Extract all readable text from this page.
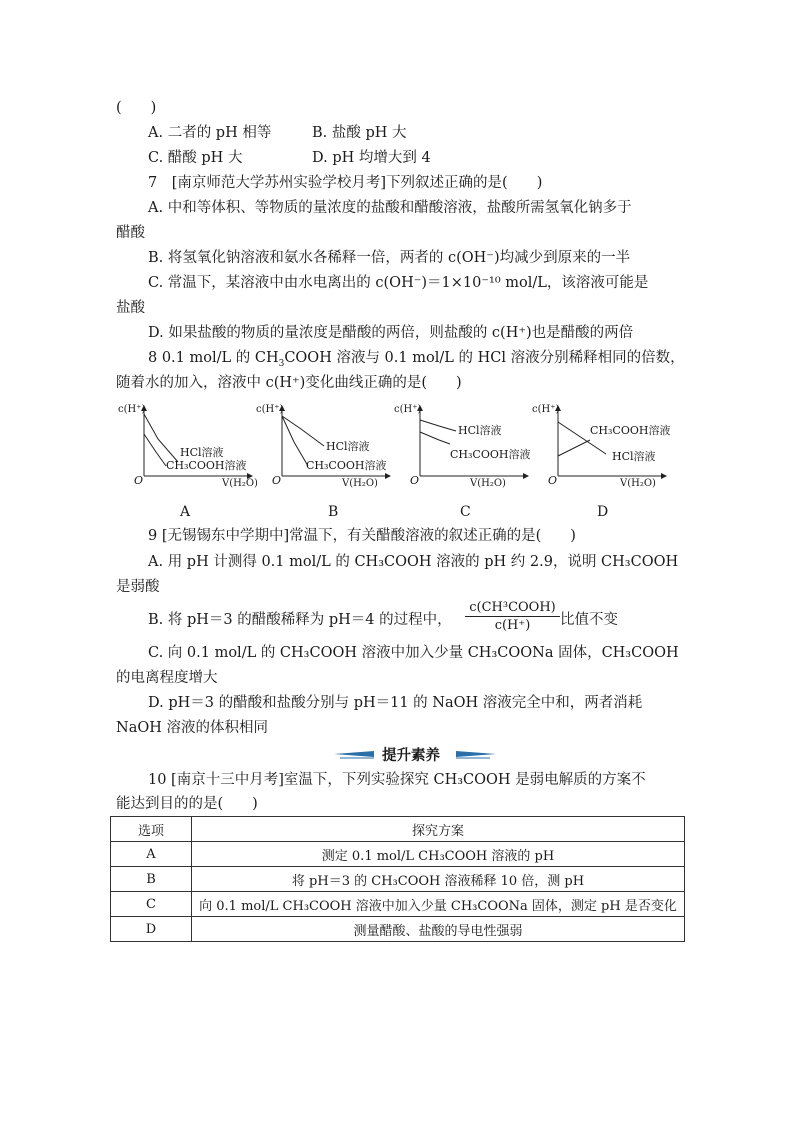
(　　)
A. 二者的 pH 相等	B. 盐酸 pH 大
C. 醋酸 pH 大	D. pH 均增大到 4
7　[南京师范大学苏州实验学校月考]下列叙述正确的是(　　)
A. 中和等体积、等物质的量浓度的盐酸和醋酸溶液，盐酸所需氢氧化钠多于
醋酸
B. 将氢氧化钠溶液和氨水各稀释一倍，两者的 c(OH⁻)均减少到原来的一半
C. 常温下，某溶液中由水电离出的 c(OH⁻)＝1×10⁻¹⁰ mol/L，该溶液可能是
盐酸
D. 如果盐酸的物质的量浓度是醋酸的两倍，则盐酸的 c(H⁺)也是醋酸的两倍
8 0.1 mol/L 的 $CH_3COOH$ 溶液与 0.1 mol/L 的 HCl 溶液分别稀释相同的倍数，
随着水的加入，溶液中 c(H⁺)变化曲线正确的是(　　)
c(H⁺)
O	V(H₂O)
HCl溶液
CH₃COOH溶液
c(H⁺)
O	V(H₂O)
HCl溶液
CH₃COOH溶液
c(H⁺)
O	V(H₂O)
HCl溶液
CH₃COOH溶液
c(H⁺)
O	V(H₂O)
CH₃COOH溶液
HCl溶液
A	B	C	D
9 [无锡锡东中学期中]常温下，有关醋酸溶液的叙述正确的是(　　)
A. 用 pH 计测得 0.1 mol/L 的 CH₃COOH 溶液的 pH 约 2.9，说明 CH₃COOH
是弱酸
B. 将 pH＝3 的醋酸稀释为 pH＝4 的过程中，
c(CH³COOH)
c(H⁺)	比值不变
C. 向 0.1 mol/L 的 CH₃COOH 溶液中加入少量 CH₃COONa 固体，CH₃COOH
的电离程度增大
D. pH＝3 的醋酸和盐酸分别与 pH＝11 的 NaOH 溶液完全中和，两者消耗
NaOH 溶液的体积相同
提升素养
10 [南京十三中月考]室温下，下列实验探究 CH₃COOH 是弱电解质的方案不
能达到目的的是(　　)
选项	探究方案
A	测定 0.1 mol/L CH₃COOH 溶液的 pH
B	将 pH＝3 的 CH₃COOH 溶液稀释 10 倍，测 pH
C	向 0.1 mol/L CH₃COOH 溶液中加入少量 CH₃COONa 固体，测定 pH 是否变化
D	测量醋酸、盐酸的导电性强弱
